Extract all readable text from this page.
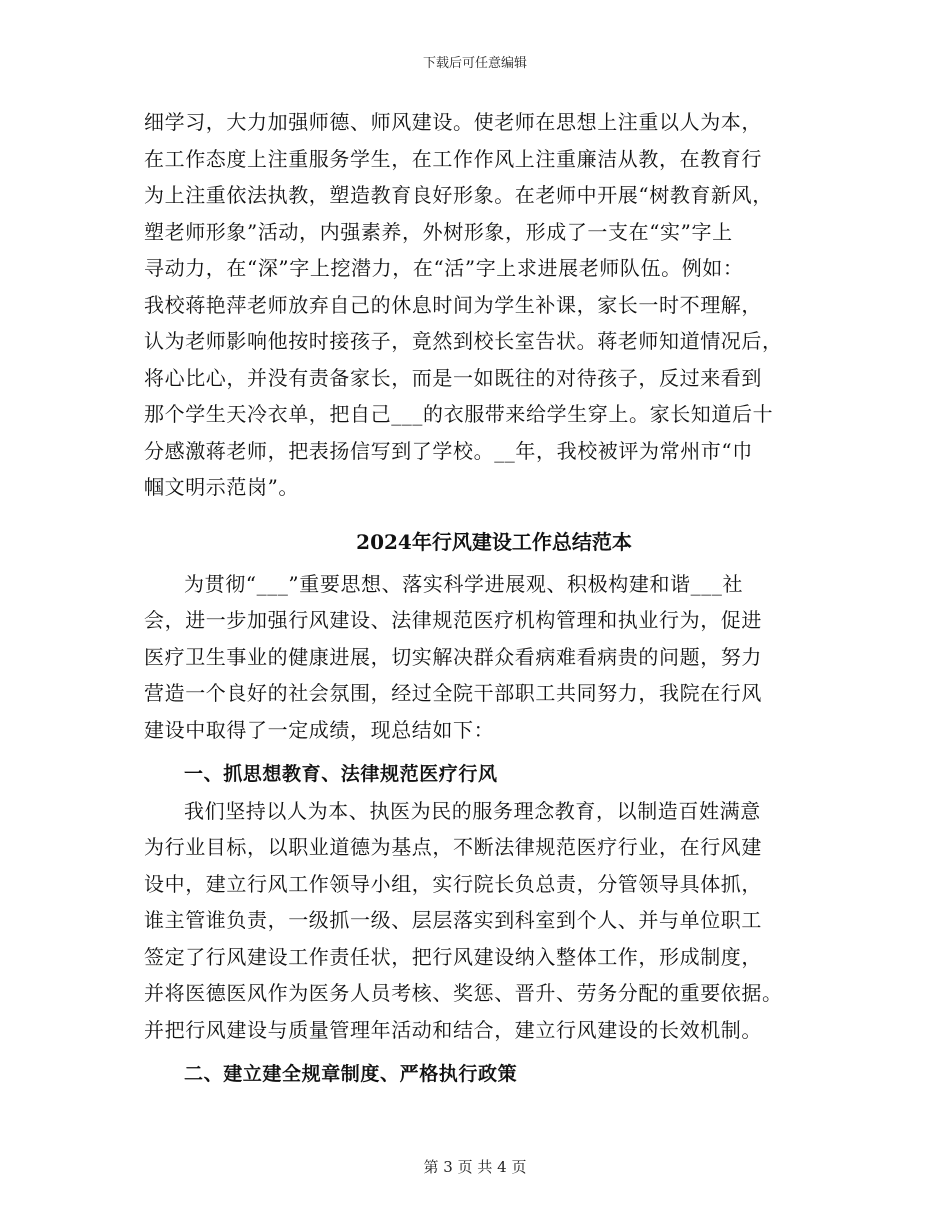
下载后可任意编辑
细学习，大力加强师德、师风建设。使老师在思想上注重以人为本，
在工作态度上注重服务学生，在工作作风上注重廉洁从教，在教育行
为上注重依法执教，塑造教育良好形象。在老师中开展“树教育新风，
塑老师形象”活动，内强素养，外树形象，形成了一支在“实”字上
寻动力，在“深”字上挖潜力，在“活”字上求进展老师队伍。例如：
我校蒋艳萍老师放弃自己的休息时间为学生补课，家长一时不理解，
认为老师影响他按时接孩子，竟然到校长室告状。蒋老师知道情况后，
将心比心，并没有责备家长，而是一如既往的对待孩子，反过来看到
那个学生天冷衣单，把自己___的衣服带来给学生穿上。家长知道后十
分感激蒋老师，把表扬信写到了学校。__年，我校被评为常州市“巾
帼文明示范岗”。
2024年行风建设工作总结范本
为贯彻“___”重要思想、落实科学进展观、积极构建和谐___社
会，进一步加强行风建设、法律规范医疗机构管理和执业行为，促进
医疗卫生事业的健康进展，切实解决群众看病难看病贵的问题，努力
营造一个良好的社会氛围，经过全院干部职工共同努力，我院在行风
建设中取得了一定成绩，现总结如下：
一、抓思想教育、法律规范医疗行风
我们坚持以人为本、执医为民的服务理念教育，以制造百姓满意
为行业目标，以职业道德为基点，不断法律规范医疗行业，在行风建
设中，建立行风工作领导小组，实行院长负总责，分管领导具体抓，
谁主管谁负责，一级抓一级、层层落实到科室到个人、并与单位职工
签定了行风建设工作责任状，把行风建设纳入整体工作，形成制度，
并将医德医风作为医务人员考核、奖惩、晋升、劳务分配的重要依据。
并把行风建设与质量管理年活动和结合，建立行风建设的长效机制。
二、建立建全规章制度、严格执行政策
第 3 页 共 4 页
